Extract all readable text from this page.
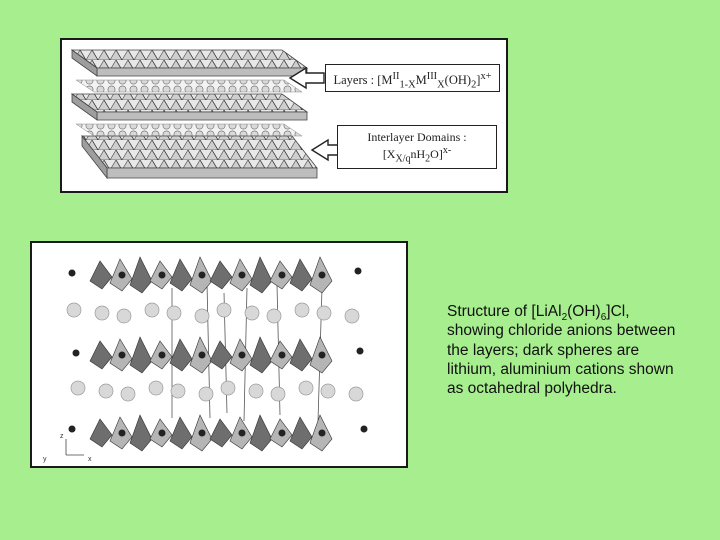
Layers : $[M^{II}_{1-X}M^{III}_X(OH)_2]^{x+}$
Interlayer Domains :
$[X_{X/q}nH_2O]^{x-}$
z
y	x
Structure of $[LiAl_2(OH)_6]Cl$, showing chloride anions between the layers; dark spheres are lithium, aluminium cations shown as octahedral polyhedra.
